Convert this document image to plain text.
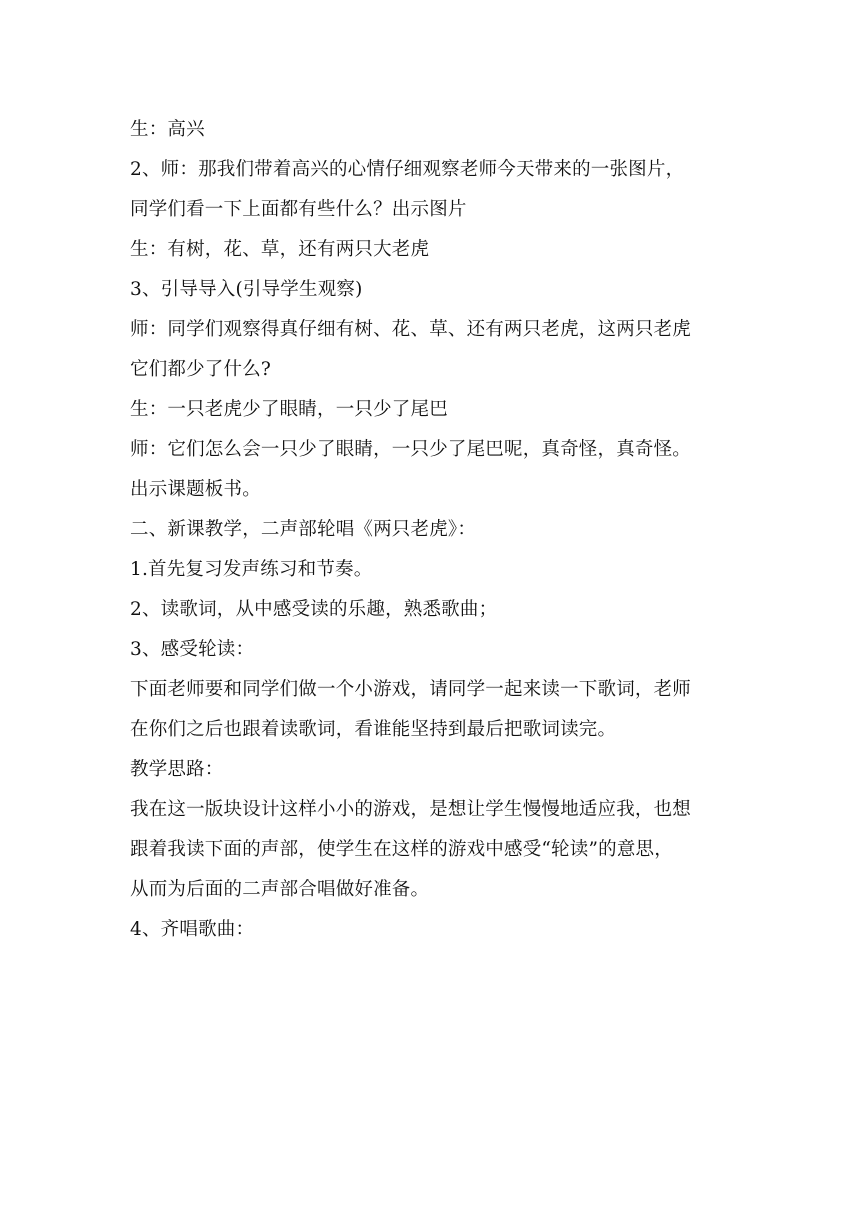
生：高兴
2、师：那我们带着高兴的心情仔细观察老师今天带来的一张图片，
同学们看一下上面都有些什么？出示图片
生：有树，花、草，还有两只大老虎
3、引导导入(引导学生观察)
师：同学们观察得真仔细有树、花、草、还有两只老虎，这两只老虎
它们都少了什么?
生：一只老虎少了眼睛，一只少了尾巴
师：它们怎么会一只少了眼睛，一只少了尾巴呢，真奇怪，真奇怪。
出示课题板书。
二、新课教学，二声部轮唱《两只老虎》：
1.首先复习发声练习和节奏。
2、读歌词，从中感受读的乐趣，熟悉歌曲；
3、感受轮读：
下面老师要和同学们做一个小游戏，请同学一起来读一下歌词，老师
在你们之后也跟着读歌词，看谁能坚持到最后把歌词读完。
教学思路：
我在这一版块设计这样小小的游戏，是想让学生慢慢地适应我，也想
跟着我读下面的声部，使学生在这样的游戏中感受“轮读”的意思，
从而为后面的二声部合唱做好准备。
4、齐唱歌曲：
